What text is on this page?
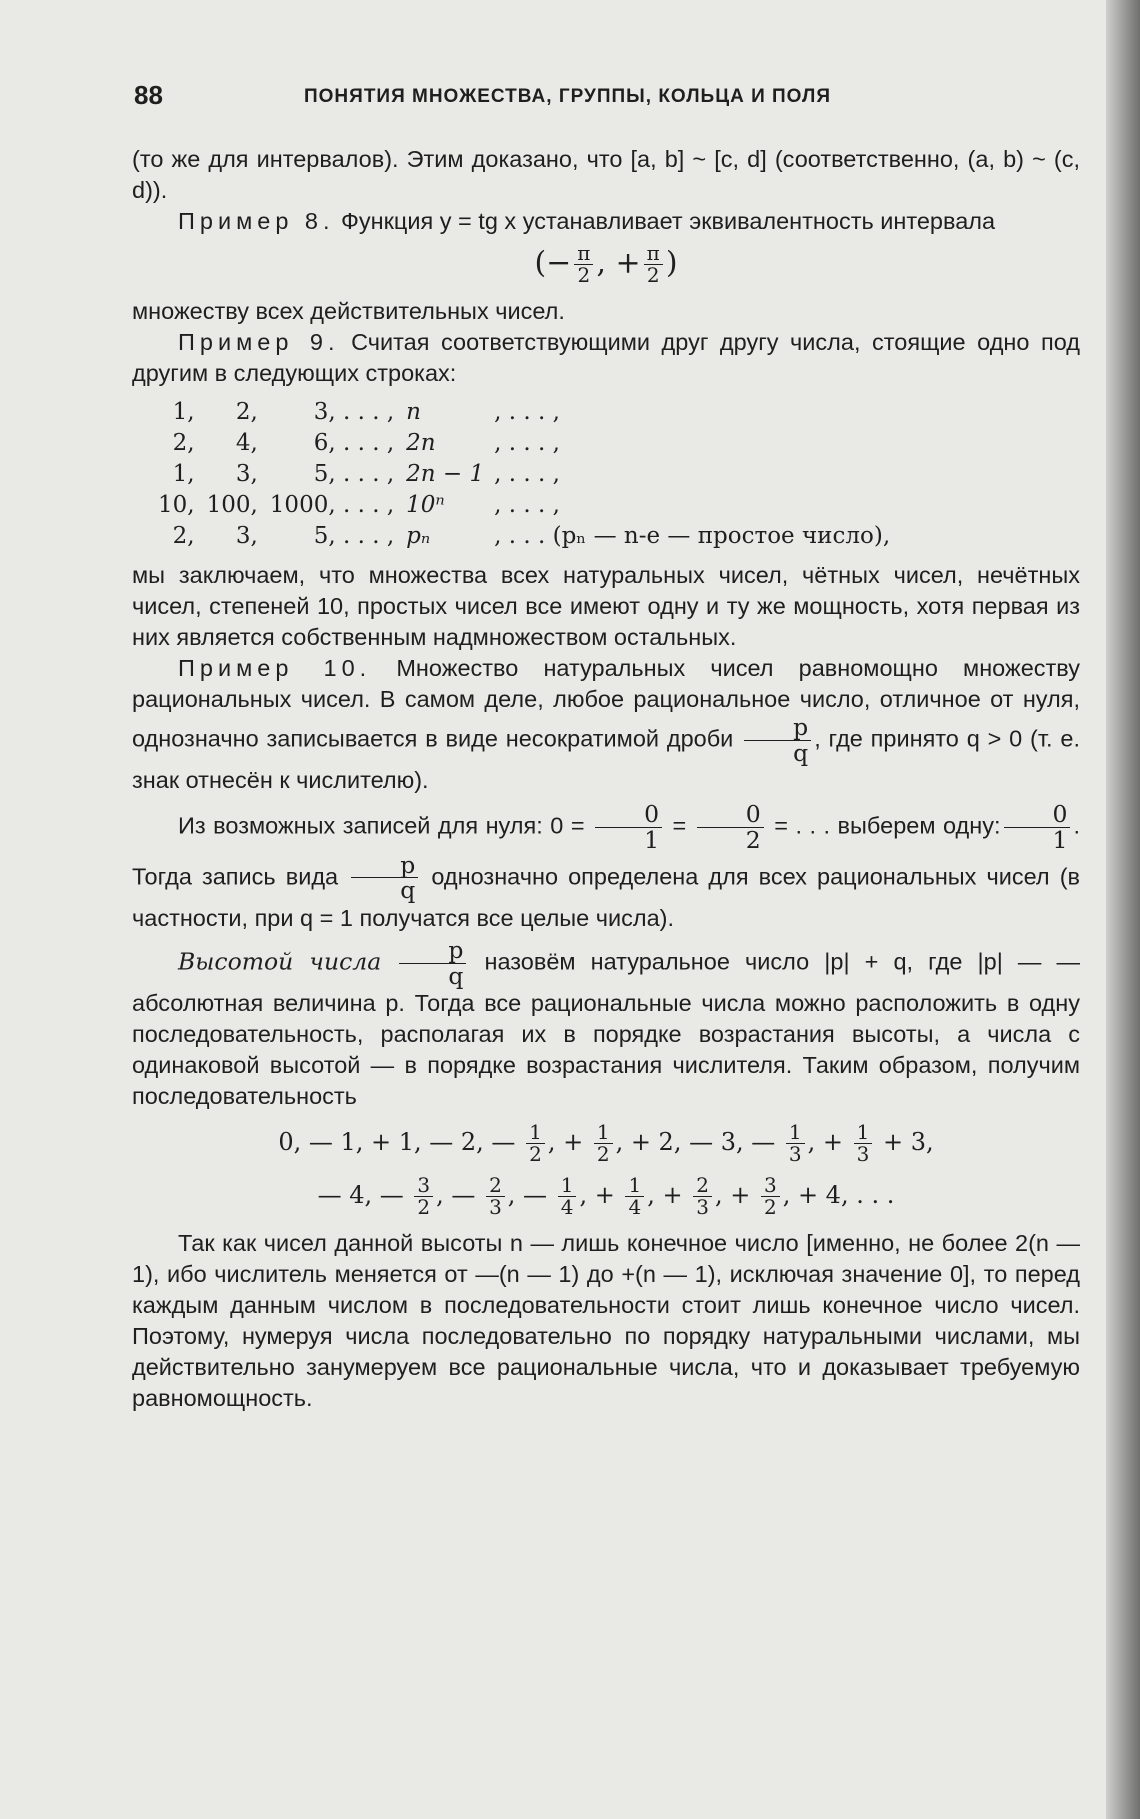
88	ПОНЯТИЯ МНОЖЕСТВА, ГРУППЫ, КОЛЬЦА И ПОЛЯ

(то же для интервалов). Этим доказано, что [a, b] ~ [c, d] (соответственно, (a, b) ~ (c, d)).

Пример 8. Функция y = tg x устанавливает эквивалентность интервала

(− $\frac{\pi}{2}$ , + $\frac{\pi}{2}$ )

множеству всех действительных чисел.

Пример 9. Считая соответствующими друг другу числа, стоящие одно под другим в следующих строках:

1,	2,	3, . . . ,	n	, . . . ,
2,	4,	6, . . . ,	2n	, . . . ,
1,	3,	5, . . . ,	2n − 1	, . . . ,
10,	100,	1000, . . . ,	10ⁿ	, . . . ,
2,	3,	5, . . . ,	pₙ	, . . . (pₙ — n-е — простое число),

мы заключаем, что множества всех натуральных чисел, чётных чисел, нечётных чисел, степеней 10, простых чисел все имеют одну и ту же мощность, хотя первая из них является собственным надмножеством остальных.

Пример 10. Множество натуральных чисел равномощно множеству рациональных чисел. В самом деле, любое рациональное число, отличное от нуля, однозначно записывается в виде несократимой дроби $\frac{p}{q}$ , где принято q > 0 (т. е. знак отнесён к числителю).

Из возможных записей для нуля: $0 = \frac{0}{1} = \frac{0}{2}$ = . . . выберем одну: $\frac{0}{1}$ . Тогда запись вида $\frac{p}{q}$ однозначно определена для всех рациональных чисел (в частности, при q = 1 получатся все целые числа).

Высотой числа $\frac{p}{q}$ назовём натуральное число |p| + q, где |p| — — абсолютная величина p. Тогда все рациональные числа можно расположить в одну последовательность, располагая их в порядке возрастания высоты, а числа с одинаковой высотой — в порядке возрастания числителя. Таким образом, получим последовательность

0, — 1, + 1, — 2, — $\frac{1}{2}$ , + $\frac{1}{2}$ , + 2, — 3, — $\frac{1}{3}$ , + $\frac{1}{3} + 3$,
— 4, — $\frac{3}{2}$ , — $\frac{2}{3}$ , — $\frac{1}{4}$ , + $\frac{1}{4}$ , + $\frac{2}{3}$ , + $\frac{3}{2}$ , + 4, . . .

Так как чисел данной высоты n — лишь конечное число [именно, не более 2(n — 1), ибо числитель меняется от —(n — 1) до +(n — 1), исключая значение 0], то перед каждым данным числом в последовательности стоит лишь конечное число чисел. Поэтому, нумеруя числа последовательно по порядку натуральными числами, мы действительно занумеруем все рациональные числа, что и доказывает требуемую равномощность.
